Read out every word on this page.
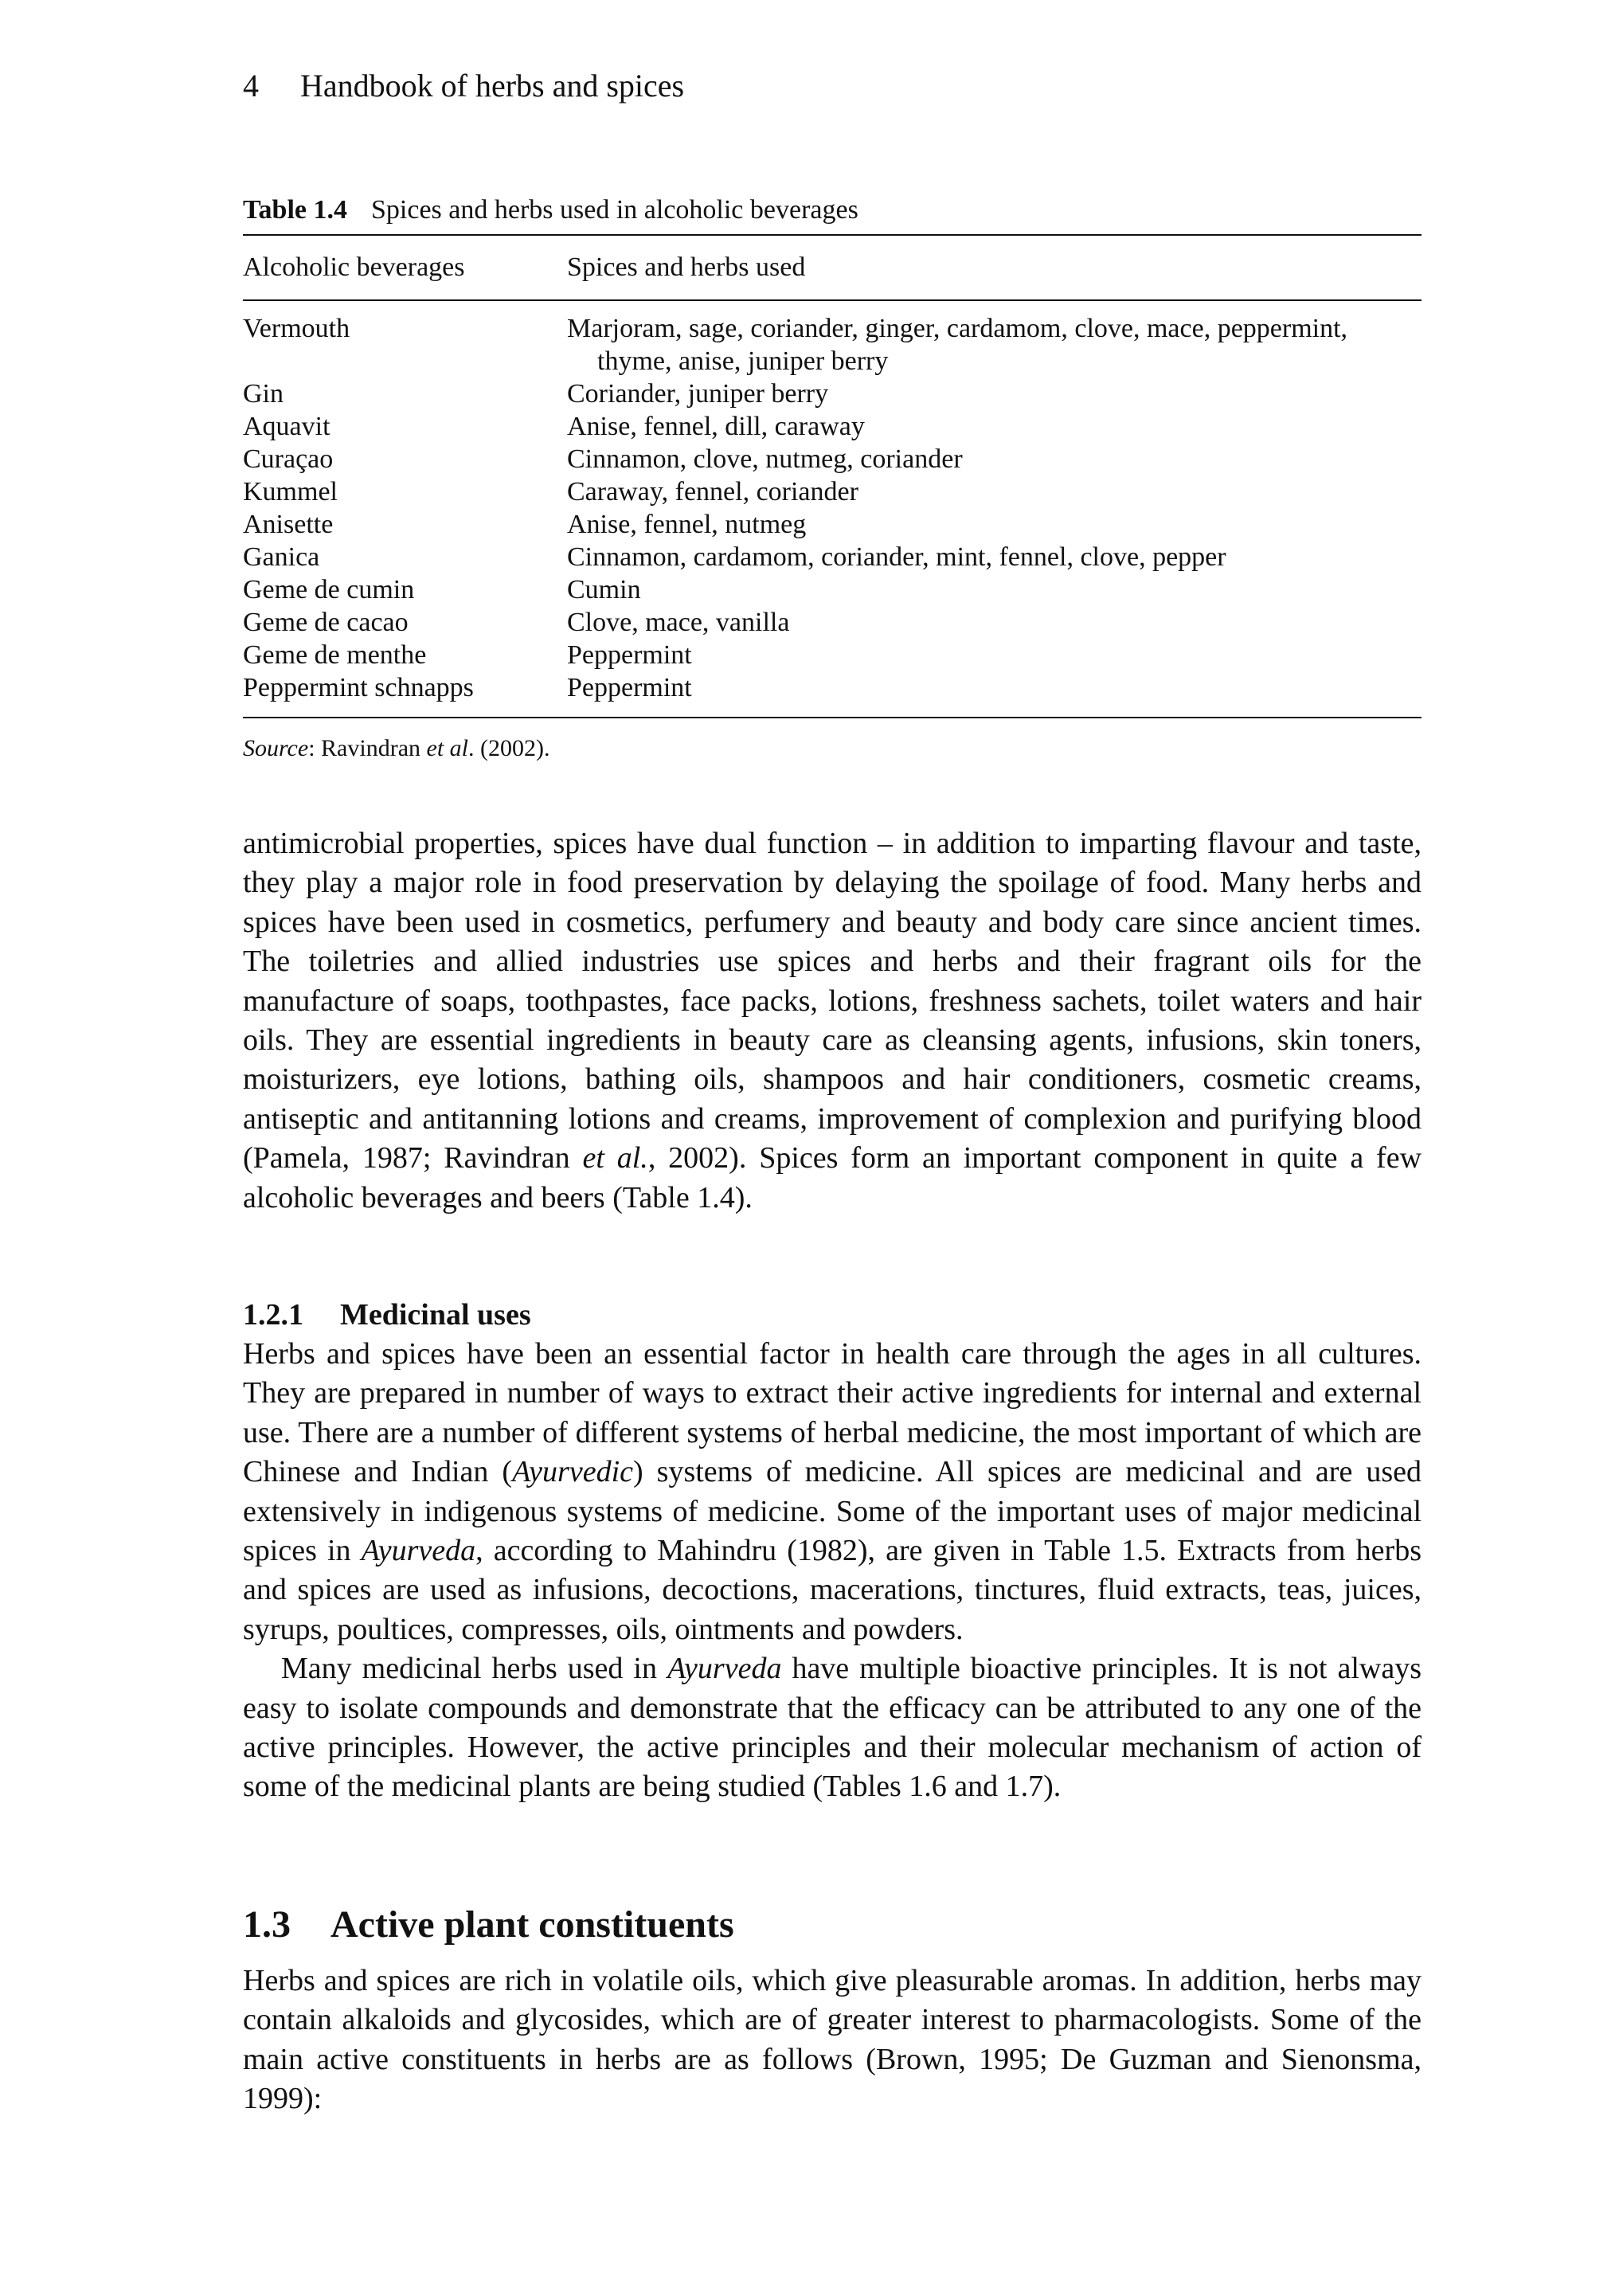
4 Handbook of herbs and spices
Table 1.4 Spices and herbs used in alcoholic beverages
Alcoholic beverages	Spices and herbs used
Vermouth	Marjoram, sage, coriander, ginger, cardamom, clove, mace, peppermint,
thyme, anise, juniper berry
Gin	Coriander, juniper berry
Aquavit	Anise, fennel, dill, caraway
Curaçao	Cinnamon, clove, nutmeg, coriander
Kummel	Caraway, fennel, coriander
Anisette	Anise, fennel, nutmeg
Ganica	Cinnamon, cardamom, coriander, mint, fennel, clove, pepper
Geme de cumin	Cumin
Geme de cacao	Clove, mace, vanilla
Geme de menthe	Peppermint
Peppermint schnapps	Peppermint
Source: Ravindran et al. (2002).

antimicrobial properties, spices have dual function – in addition to imparting flavour and taste, they play a major role in food preservation by delaying the spoilage of food. Many herbs and spices have been used in cosmetics, perfumery and beauty and body care since ancient times. The toiletries and allied industries use spices and herbs and their fragrant oils for the manufacture of soaps, toothpastes, face packs, lotions, freshness sachets, toilet waters and hair oils. They are essential ingredients in beauty care as cleansing agents, infusions, skin toners, moisturizers, eye lotions, bathing oils, shampoos and hair conditioners, cosmetic creams, antiseptic and antitanning lotions and creams, improvement of complexion and purifying blood (Pamela, 1987; Ravindran et al., 2002). Spices form an important component in quite a few alcoholic beverages and beers (Table 1.4).

1.2.1 Medicinal uses

Herbs and spices have been an essential factor in health care through the ages in all cultures. They are prepared in number of ways to extract their active ingredients for internal and external use. There are a number of different systems of herbal medicine, the most important of which are Chinese and Indian (Ayurvedic) systems of medicine. All spices are medicinal and are used extensively in indigenous systems of medicine. Some of the important uses of major medicinal spices in Ayurveda, according to Mahindru (1982), are given in Table 1.5. Extracts from herbs and spices are used as infusions, decoctions, macerations, tinctures, fluid extracts, teas, juices, syrups, poultices, compresses, oils, ointments and powders.

Many medicinal herbs used in Ayurveda have multiple bioactive principles. It is not always easy to isolate compounds and demonstrate that the efficacy can be attributed to any one of the active principles. However, the active principles and their molecular mechanism of action of some of the medicinal plants are being studied (Tables 1.6 and 1.7).

1.3 Active plant constituents

Herbs and spices are rich in volatile oils, which give pleasurable aromas. In addition, herbs may contain alkaloids and glycosides, which are of greater interest to pharmacologists. Some of the main active constituents in herbs are as follows (Brown, 1995; De Guzman and Sienonsma, 1999):
